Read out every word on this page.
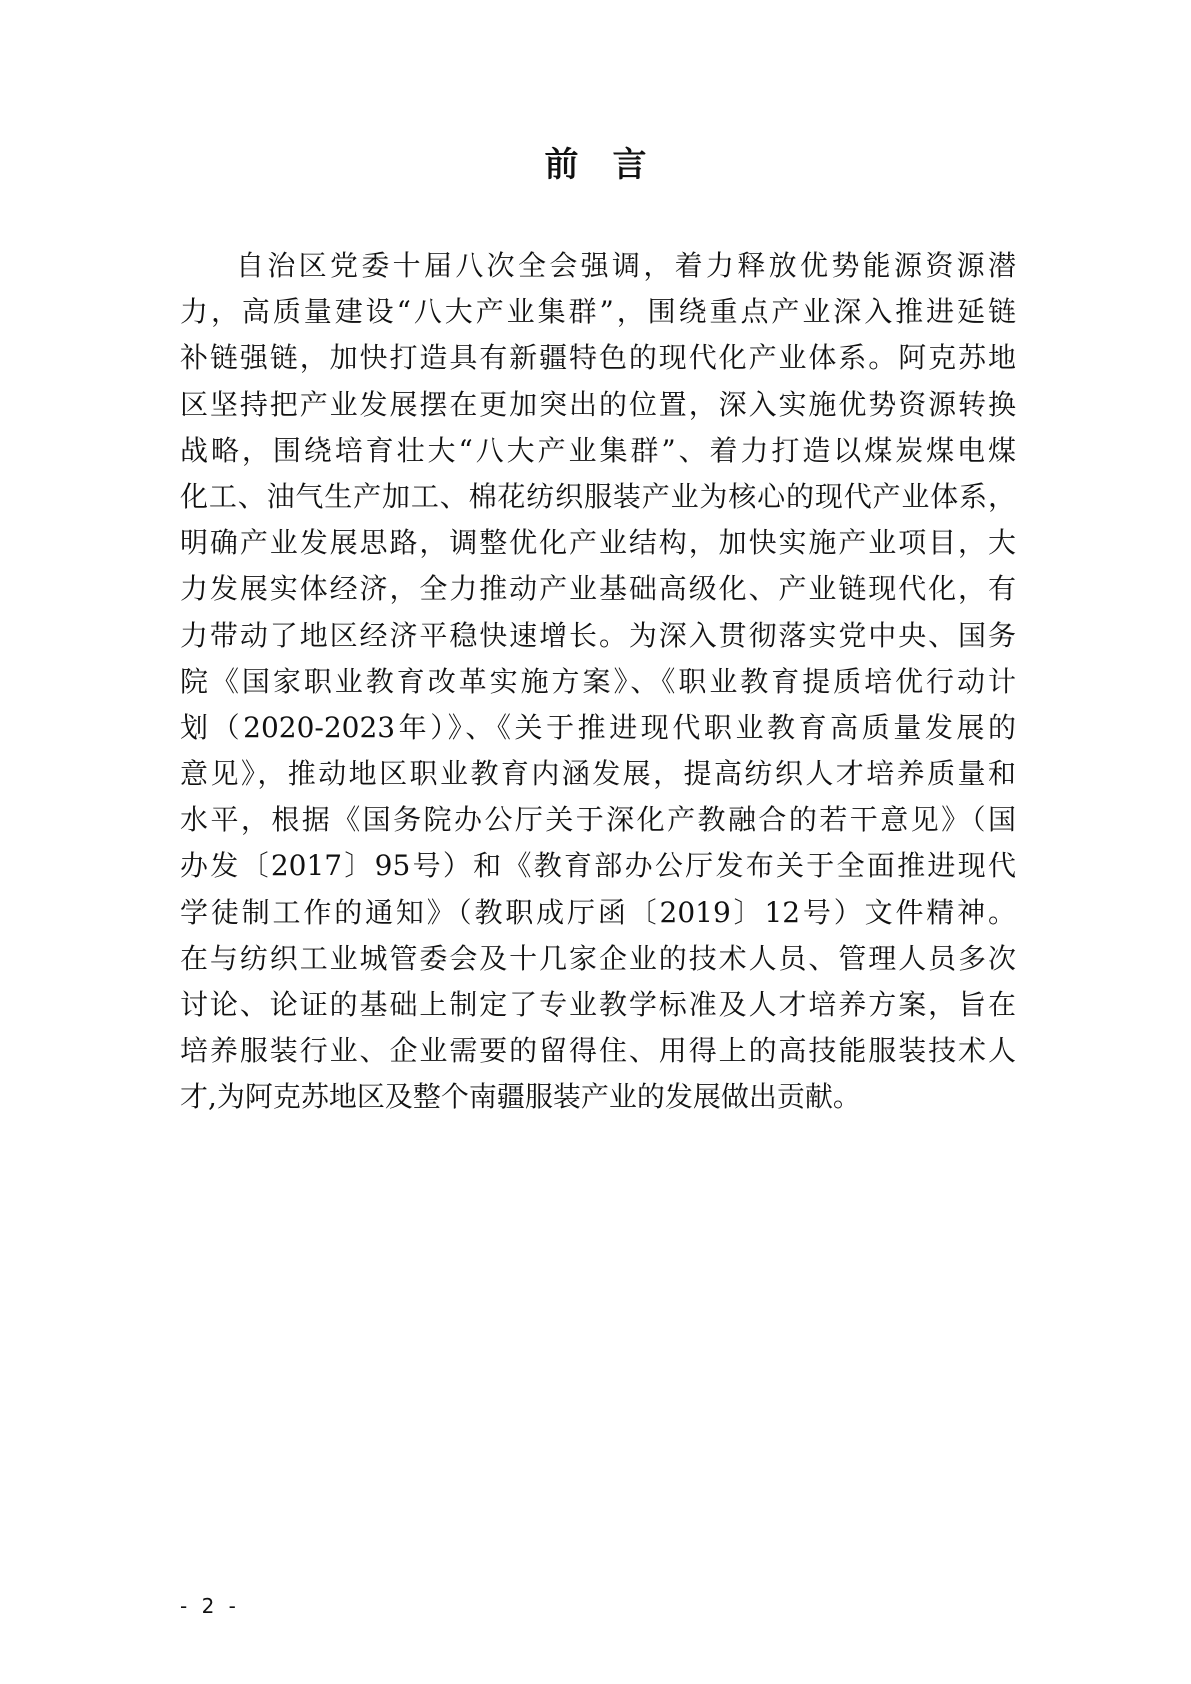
前言
自治区党委十届八次全会强调，着力释放优势能源资源潜
力，高质量建设“八大产业集群”，围绕重点产业深入推进延链
补链强链，加快打造具有新疆特色的现代化产业体系。阿克苏地
区坚持把产业发展摆在更加突出的位置，深入实施优势资源转换
战略，围绕培育壮大“八大产业集群”、着力打造以煤炭煤电煤
化工、油气生产加工、棉花纺织服装产业为核心的现代产业体系，
明确产业发展思路，调整优化产业结构，加快实施产业项目，大
力发展实体经济，全力推动产业基础高级化、产业链现代化，有
力带动了地区经济平稳快速增长。为深入贯彻落实党中央、国务
院《国家职业教育改革实施方案》、《职业教育提质培优行动计
划（2020-2023年）》、《关于推进现代职业教育高质量发展的
意见》，推动地区职业教育内涵发展，提高纺织人才培养质量和
水平，根据《国务院办公厅关于深化产教融合的若干意见》（国
办发〔2017〕95号）和《教育部办公厅发布关于全面推进现代
学徒制工作的通知》（教职成厅函〔2019〕12号）文件精神。
在与纺织工业城管委会及十几家企业的技术人员、管理人员多次
讨论、论证的基础上制定了专业教学标准及人才培养方案，旨在
培养服装行业、企业需要的留得住、用得上的高技能服装技术人
才,为阿克苏地区及整个南疆服装产业的发展做出贡献。
- 2 -
